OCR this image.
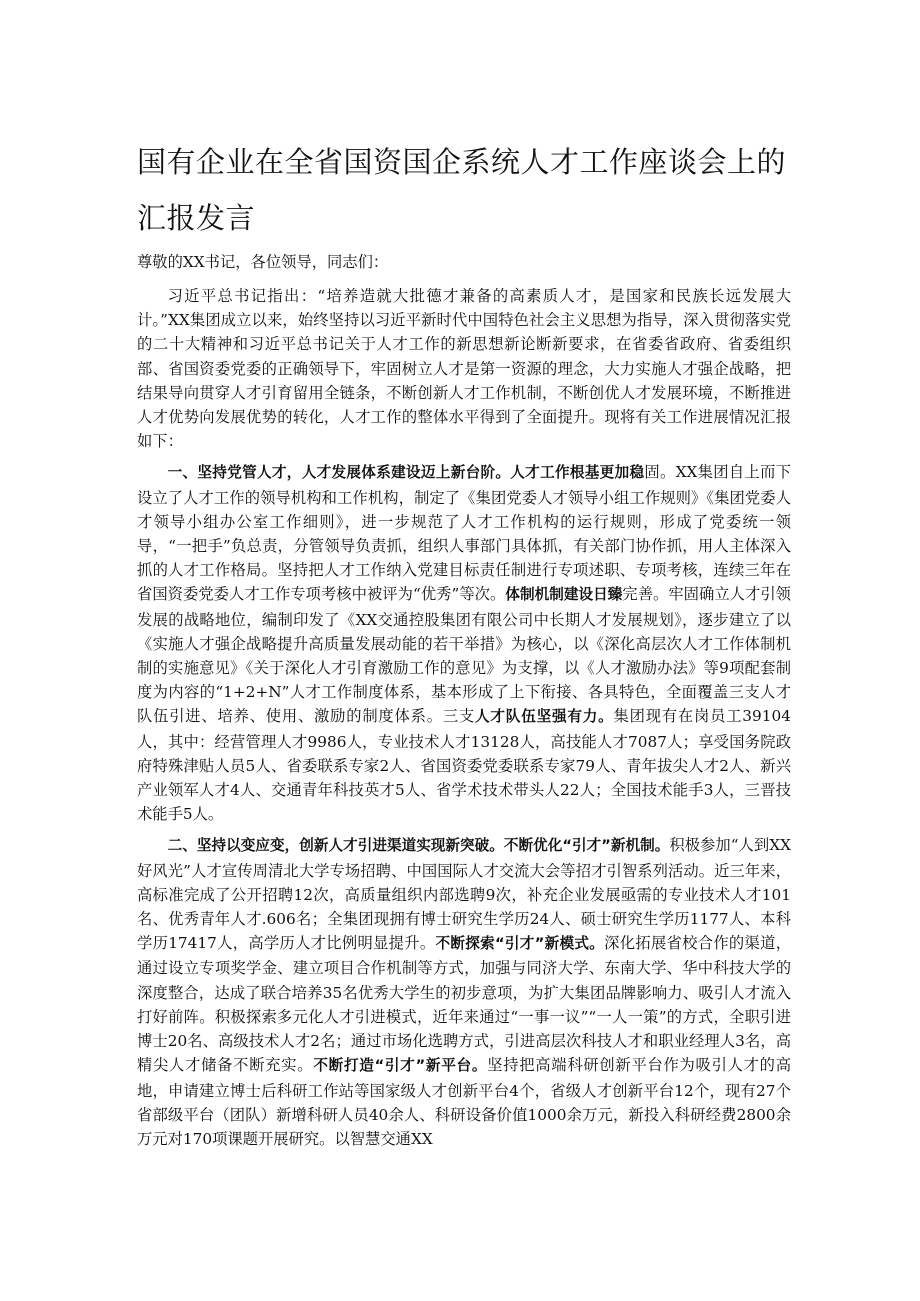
国有企业在全省国资国企系统人才工作座谈会上的汇报发言

尊敬的XX书记，各位领导，同志们：

习近平总书记指出：“培养造就大批德才兼备的高素质人才，是国家和民族长远发展大计。”XX集团成立以来，始终坚持以习近平新时代中国特色社会主义思想为指导，深入贯彻落实党的二十大精神和习近平总书记关于人才工作的新思想新论断新要求，在省委省政府、省委组织部、省国资委党委的正确领导下，牢固树立人才是第一资源的理念，大力实施人才强企战略，把结果导向贯穿人才引育留用全链条，不断创新人才工作机制，不断创优人才发展环境，不断推进人才优势向发展优势的转化，人才工作的整体水平得到了全面提升。现将有关工作进展情况汇报如下：

一、坚持党管人才，人才发展体系建设迈上新台阶。人才工作根基更加稳固。XX集团自上而下设立了人才工作的领导机构和工作机构，制定了《集团党委人才领导小组工作规则》《集团党委人才领导小组办公室工作细则》，进一步规范了人才工作机构的运行规则，形成了党委统一领导，“一把手”负总责，分管领导负责抓，组织人事部门具体抓，有关部门协作抓，用人主体深入抓的人才工作格局。坚持把人才工作纳入党建目标责任制进行专项述职、专项考核，连续三年在省国资委党委人才工作专项考核中被评为“优秀”等次。体制机制建设日臻完善。牢固确立人才引领发展的战略地位，编制印发了《XX交通控股集团有限公司中长期人才发展规划》，逐步建立了以《实施人才强企战略提升高质量发展动能的若干举措》为核心，以《深化高层次人才工作体制机制的实施意见》《关于深化人才引育激励工作的意见》为支撑，以《人才激励办法》等9项配套制度为内容的“1+2+N”人才工作制度体系，基本形成了上下衔接、各具特色，全面覆盖三支人才队伍引进、培养、使用、激励的制度体系。三支人才队伍坚强有力。集团现有在岗员工39104人，其中：经营管理人才9986人，专业技术人才13128人，高技能人才7087人；享受国务院政府特殊津贴人员5人、省委联系专家2人、省国资委党委联系专家79人、青年拔尖人才2人、新兴产业领军人才4人、交通青年科技英才5人、省学术技术带头人22人；全国技术能手3人，三晋技术能手5人。

二、坚持以变应变，创新人才引进渠道实现新突破。不断优化“引才”新机制。积极参加“人到XX好风光”人才宣传周清北大学专场招聘、中国国际人才交流大会等招才引智系列活动。近三年来，高标准完成了公开招聘12次，高质量组织内部选聘9次，补充企业发展亟需的专业技术人才101名、优秀青年人才.606名；全集团现拥有博士研究生学历24人、硕士研究生学历1177人、本科学历17417人，高学历人才比例明显提升。不断探索“引才”新模式。深化拓展省校合作的渠道，通过设立专项奖学金、建立项目合作机制等方式，加强与同济大学、东南大学、华中科技大学的深度整合，达成了联合培养35名优秀大学生的初步意项，为扩大集团品牌影响力、吸引人才流入打好前阵。积极探索多元化人才引进模式，近年来通过“一事一议”“一人一策”的方式，全职引进博士20名、高级技术人才2名；通过市场化选聘方式，引进高层次科技人才和职业经理人3名，高精尖人才储备不断充实。不断打造“引才”新平台。坚持把高端科研创新平台作为吸引人才的高地，申请建立博士后科研工作站等国家级人才创新平台4个，省级人才创新平台12个，现有27个省部级平台（团队）新增科研人员40余人、科研设备价值1000余万元，新投入科研经费2800余万元对170项课题开展研究。以智慧交通XX
